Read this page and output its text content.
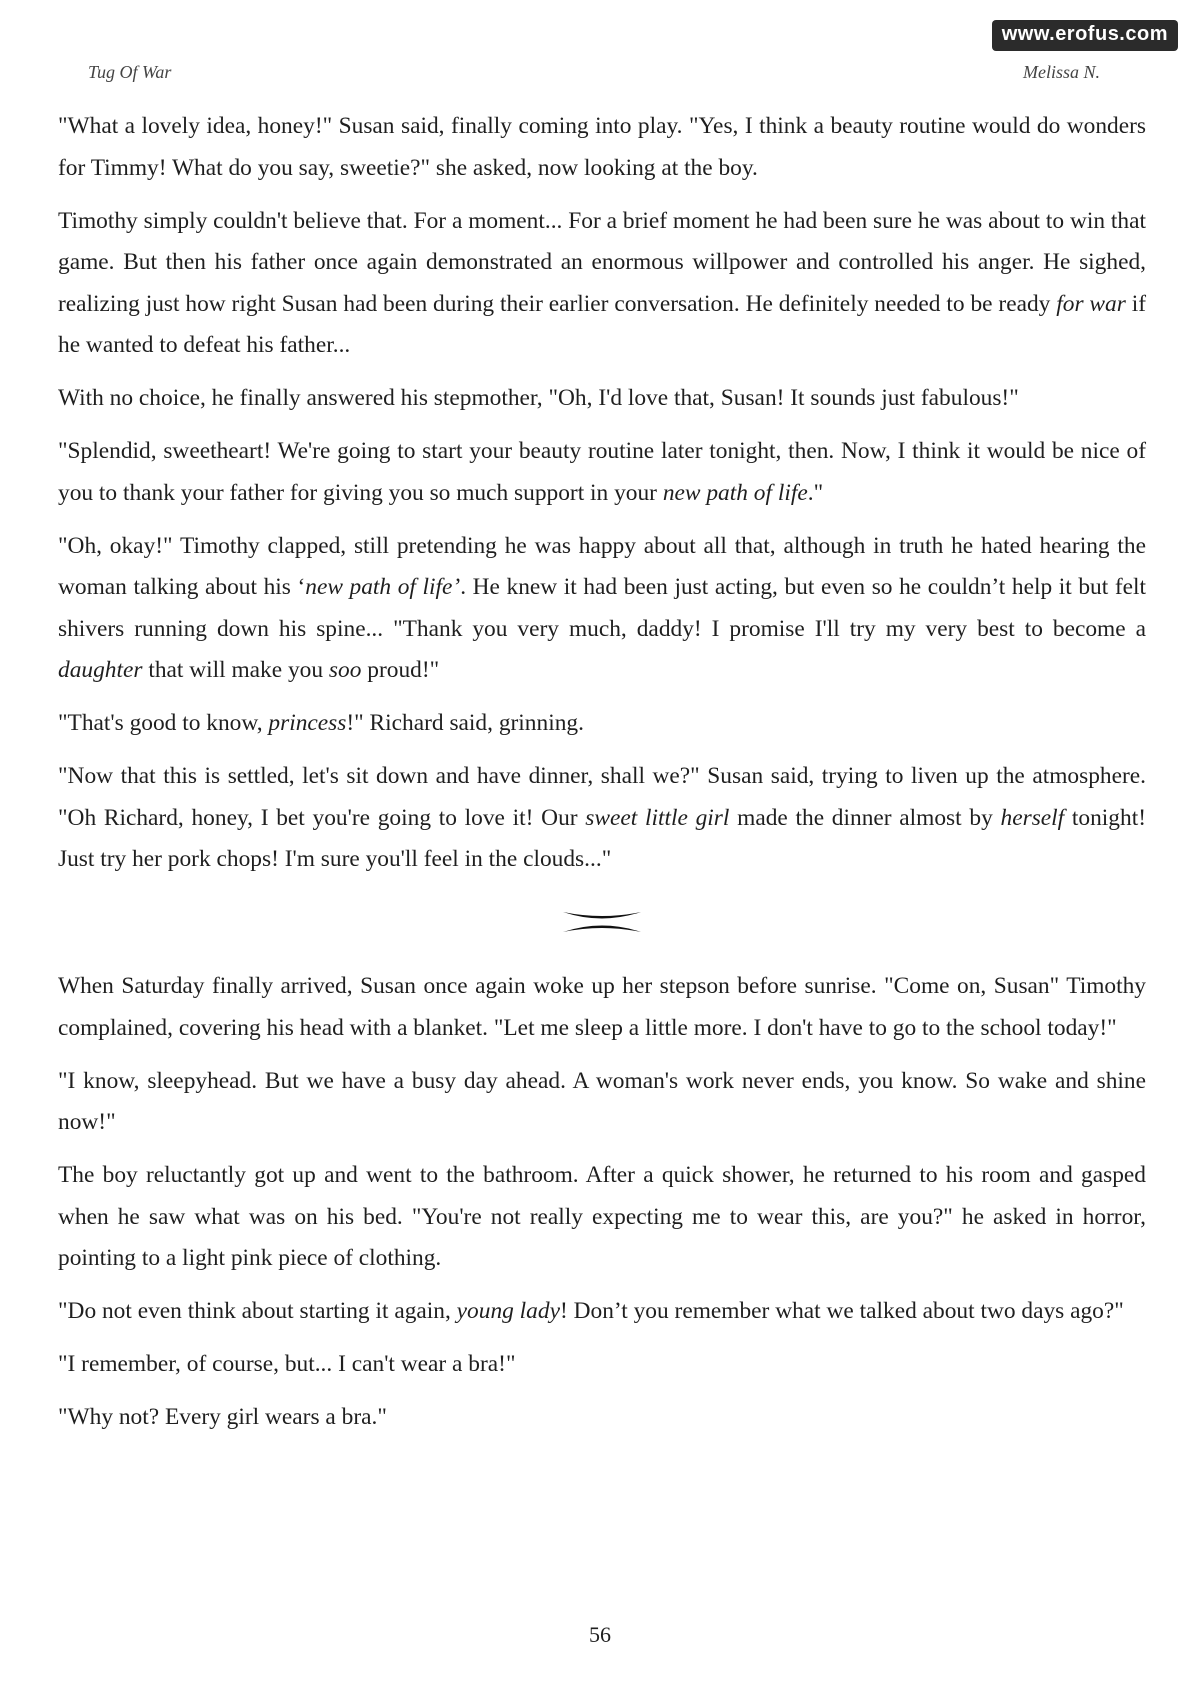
www.erofus.com
Tug Of War	Melissa N.

"What a lovely idea, honey!" Susan said, finally coming into play. "Yes, I think a beauty routine would do wonders for Timmy! What do you say, sweetie?" she asked, now looking at the boy.

Timothy simply couldn't believe that. For a moment... For a brief moment he had been sure he was about to win that game. But then his father once again demonstrated an enormous willpower and controlled his anger. He sighed, realizing just how right Susan had been during their earlier conversation. He definitely needed to be ready for war if he wanted to defeat his father...

With no choice, he finally answered his stepmother, "Oh, I'd love that, Susan! It sounds just fabulous!"

"Splendid, sweetheart! We're going to start your beauty routine later tonight, then. Now, I think it would be nice of you to thank your father for giving you so much support in your new path of life."

"Oh, okay!" Timothy clapped, still pretending he was happy about all that, although in truth he hated hearing the woman talking about his ‘new path of life’. He knew it had been just acting, but even so he couldn’t help it but felt shivers running down his spine... "Thank you very much, daddy! I promise I'll try my very best to become a daughter that will make you soo proud!"

"That's good to know, princess!" Richard said, grinning.

"Now that this is settled, let's sit down and have dinner, shall we?" Susan said, trying to liven up the atmosphere. "Oh Richard, honey, I bet you're going to love it! Our sweet little girl made the dinner almost by herself tonight! Just try her pork chops! I'm sure you'll feel in the clouds..."

When Saturday finally arrived, Susan once again woke up her stepson before sunrise. "Come on, Susan" Timothy complained, covering his head with a blanket. "Let me sleep a little more. I don't have to go to the school today!"

"I know, sleepyhead. But we have a busy day ahead. A woman's work never ends, you know. So wake and shine now!"

The boy reluctantly got up and went to the bathroom. After a quick shower, he returned to his room and gasped when he saw what was on his bed. "You're not really expecting me to wear this, are you?" he asked in horror, pointing to a light pink piece of clothing.

"Do not even think about starting it again, young lady! Don’t you remember what we talked about two days ago?"

"I remember, of course, but... I can't wear a bra!"

"Why not? Every girl wears a bra."

56
